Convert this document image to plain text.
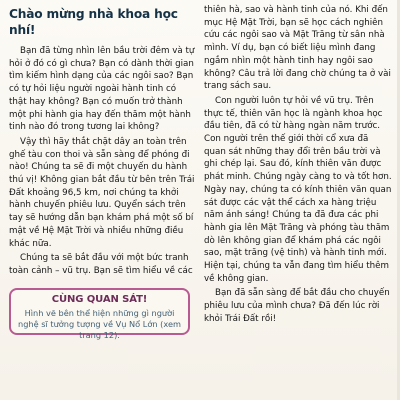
Chào mừng nhà khoa học nhí!

Bạn đã từng nhìn lên bầu trời đêm và tự hỏi ở đó có gì chưa? Bạn có dành thời gian tìm kiếm hình dạng của các ngôi sao? Bạn có tự hỏi liệu người ngoài hành tinh có thật hay không? Bạn có muốn trở thành một phi hành gia hay đến thăm một hành tinh nào đó trong tương lai không?

Vậy thì hãy thắt chặt dây an toàn trên ghế tàu con thoi và sẵn sàng để phóng đi nào! Chúng ta sẽ đi một chuyến du hành thú vị! Không gian bắt đầu từ bên trên Trái Đất khoảng 96,5 km, nơi chúng ta khởi hành chuyến phiêu lưu. Quyển sách trên tay sẽ hướng dẫn bạn khám phá một số bí mật về Hệ Mặt Trời và nhiều những điều khác nữa.

Chúng ta sẽ bắt đầu với một bức tranh toàn cảnh – vũ trụ. Bạn sẽ tìm hiểu về các

CÙNG QUAN SÁT!

Hình vẽ bên thể hiện những gì người nghệ sĩ tưởng tượng về Vụ Nổ Lớn (xem trang 12).

thiên hà, sao và hành tinh của nó. Khi đến mục Hệ Mặt Trời, bạn sẽ học cách nghiên cứu các ngôi sao và Mặt Trăng từ sân nhà mình. Ví dụ, bạn có biết liệu mình đang ngắm nhìn một hành tinh hay ngôi sao không? Câu trả lời đang chờ chúng ta ở vài trang sách sau.

Con người luôn tự hỏi về vũ trụ. Trên thực tế, thiên văn học là ngành khoa học đầu tiên, đã có từ hàng ngàn năm trước. Con người trên thế giới thời cổ xưa đã quan sát những thay đổi trên bầu trời và ghi chép lại. Sau đó, kính thiên văn được phát minh. Chúng ngày càng to và tốt hơn. Ngày nay, chúng ta có kính thiên văn quan sát được các vật thể cách xa hàng triệu năm ánh sáng! Chúng ta đã đưa các phi hành gia lên Mặt Trăng và phóng tàu thăm dò lên không gian để khám phá các ngôi sao, mặt trăng (vệ tinh) và hành tinh mới. Hiện tại, chúng ta vẫn đang tìm hiểu thêm về không gian.

Bạn đã sẵn sàng để bắt đầu cho chuyến phiêu lưu của mình chưa? Đã đến lúc rời khỏi Trái Đất rồi!
